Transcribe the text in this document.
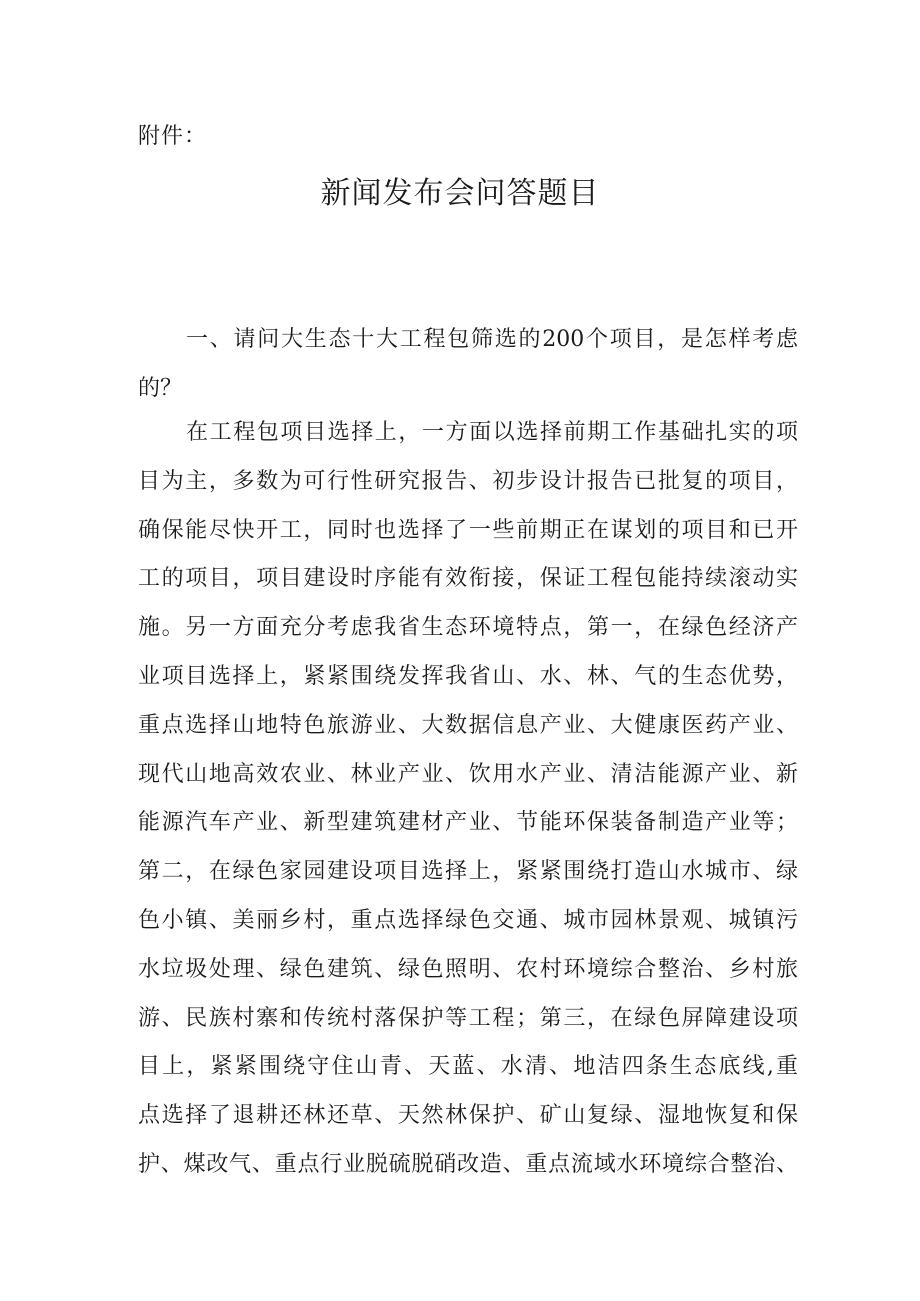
附件：
新闻发布会问答题目
一、请问大生态十大工程包筛选的200个项目，是怎样考虑
的？
在工程包项目选择上，一方面以选择前期工作基础扎实的项
目为主，多数为可行性研究报告、初步设计报告已批复的项目，
确保能尽快开工，同时也选择了一些前期正在谋划的项目和已开
工的项目，项目建设时序能有效衔接，保证工程包能持续滚动实
施。另一方面充分考虑我省生态环境特点，第一，在绿色经济产
业项目选择上，紧紧围绕发挥我省山、水、林、气的生态优势，
重点选择山地特色旅游业、大数据信息产业、大健康医药产业、
现代山地高效农业、林业产业、饮用水产业、清洁能源产业、新
能源汽车产业、新型建筑建材产业、节能环保装备制造产业等；
第二，在绿色家园建设项目选择上，紧紧围绕打造山水城市、绿
色小镇、美丽乡村，重点选择绿色交通、城市园林景观、城镇污
水垃圾处理、绿色建筑、绿色照明、农村环境综合整治、乡村旅
游、民族村寨和传统村落保护等工程；第三，在绿色屏障建设项
目上，紧紧围绕守住山青、天蓝、水清、地洁四条生态底线,重
点选择了退耕还林还草、天然林保护、矿山复绿、湿地恢复和保
护、煤改气、重点行业脱硫脱硝改造、重点流域水环境综合整治、
